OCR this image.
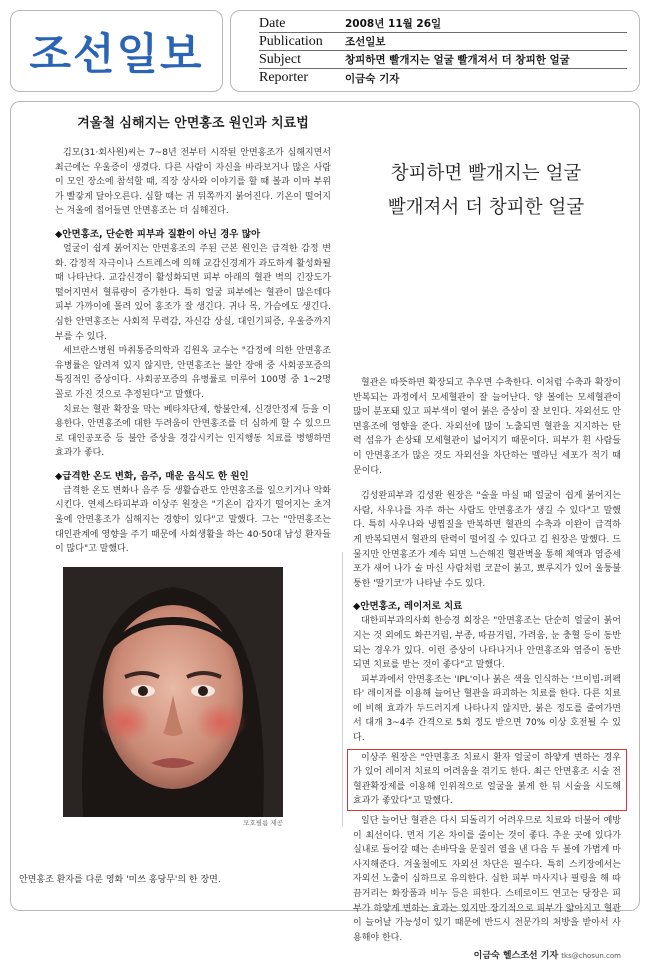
조선일보
Date	2008년 11월 26일
Publication	조선일보
Subject	창피하면 빨개지는 얼굴 빨개져서 더 창피한 얼굴
Reporter	이금숙 기자
창피하면 빨개지는 얼굴
빨개져서 더 창피한 얼굴
겨울철 심해지는 안면홍조 원인과 치료법

김모(31·회사원)씨는 7~8년 전부터 시작된 안면홍조가 심해지면서 최근에는 우울증이 생겼다. 다른 사람이 자신을 바라보거나 많은 사람이 모인 장소에 참석할 때, 직장 상사와 이야기를 할 때 볼과 이마 부위가 빨갛게 달아오른다. 심할 때는 귀 뒤쪽까지 붉어진다. 기온이 떨어지는 겨울에 접어들면 안면홍조는 더 심해진다.

◆안면홍조, 단순한 피부과 질환이 아닌 경우 많아

얼굴이 쉽게 붉어지는 안면홍조의 주된 근본 원인은 급격한 감정 변화. 감정적 자극이나 스트레스에 의해 교감신경계가 과도하게 활성화될 때 나타난다. 교감신경이 활성화되면 피부 아래의 혈관 벽의 긴장도가 떨어지면서 혈류량이 증가한다. 특히 얼굴 피부에는 혈관이 많은데다 피부 가까이에 몰려 있어 홍조가 잘 생긴다. 귀나 목, 가슴에도 생긴다. 심한 안면홍조는 사회적 무력감, 자신감 상실, 대인기피증, 우울증까지 부를 수 있다.

세브란스병원 마취통증의학과 김원옥 교수는 "감정에 의한 안면홍조 유병률은 알려져 있지 않지만, 안면홍조는 불안 장애 중 사회공포증의 특징적인 증상이다. 사회공포증의 유병률로 미루어 100명 중 1~2명꼴로 가진 것으로 추정된다"고 말했다.

치료는 혈관 확장을 막는 베타차단제, 항불안제, 신경안정제 등을 이용한다. 안면홍조에 대한 두려움이 안면홍조를 더 심하게 할 수 있으므로 대인공포증 등 불안 증상을 경감시키는 인지행동 치료를 병행하면 효과가 좋다.

◆급격한 온도 변화, 음주, 매운 음식도 한 원인

급격한 온도 변화나 음주 등 생활습관도 안면홍조를 일으키거나 악화시킨다. 연세스타피부과 이상주 원장은 "기온이 갑자기 떨어지는 초겨울에 안면홍조가 심해지는 경향이 있다"고 말했다. 그는 "안면홍조는 대인관계에 영향을 주기 때문에 사회생활을 하는 40·50대 남성 환자들이 많다"고 말했다.

모호필름 제공
안면홍조 환자를 다룬 영화 '미쓰 홍당무'의 한 장면.

혈관은 따뜻하면 확장되고 추우면 수축한다. 이처럼 수축과 확장이 반복되는 과정에서 모세혈관이 잘 늘어난다. 양 볼에는 모세혈관이 많이 분포돼 있고 피부색이 옅어 붉은 증상이 잘 보인다. 자외선도 안면홍조에 영향을 준다. 자외선에 많이 노출되면 혈관을 지지하는 탄력 섬유가 손상돼 모세혈관이 넓어지기 때문이다. 피부가 흰 사람들이 안면홍조가 많은 것도 자외선을 차단하는 멜라닌 세포가 적기 때문이다.

김성완피부과 김성완 원장은 "술을 마실 때 얼굴이 쉽게 붉어지는 사람, 사우나를 자주 하는 사람도 안면홍조가 생길 수 있다"고 말했다. 특히 사우나와 냉찜질을 반복하면 혈관의 수축과 이완이 급격하게 반복되면서 혈관의 탄력이 떨어질 수 있다고 김 원장은 말했다. 드물지만 안면홍조가 계속 되면 느슨해진 혈관벽을 통해 체액과 염증세포가 새어 나가 술 마신 사람처럼 코끝이 붉고, 뾰루지가 있어 울퉁불퉁한 '딸기코'가 나타날 수도 있다.

◆안면홍조, 레이저로 치료

대한피부과의사회 한승경 회장은 "안면홍조는 단순히 얼굴이 붉어지는 것 외에도 화끈거림, 부종, 따끔거림, 가려움, 눈 충혈 등이 동반되는 경우가 있다. 이런 증상이 나타나거나 안면홍조와 염증이 동반되면 치료를 받는 것이 좋다"고 말했다.

피부과에서 안면홍조는 'IPL'이나 붉은 색을 인식하는 '브이빔-퍼펙타' 레이저를 이용해 늘어난 혈관을 파괴하는 치료를 한다. 다른 치료에 비해 효과가 두드러지게 나타나지 않지만, 붉은 정도를 줄여가면서 대개 3~4주 간격으로 5회 정도 받으면 70% 이상 호전될 수 있다.

이상주 원장은 "안면홍조 치료시 환자 얼굴이 하얗게 변하는 경우가 있어 레이저 치료의 어려움을 겪기도 한다. 최근 안면홍조 시술 전 혈관확장제를 이용해 인위적으로 얼굴을 붉게 한 뒤 시술을 시도해 효과가 좋았다"고 말했다.

일단 늘어난 혈관은 다시 되돌리기 어려우므로 치료와 더불어 예방이 최선이다. 먼저 기온 차이를 줄이는 것이 좋다. 추운 곳에 있다가 실내로 들어갈 때는 손바닥을 문질러 열을 낸 다음 두 볼에 가볍게 마사지해준다. 겨울철에도 자외선 차단은 필수다. 특히 스키장에서는 자외선 노출이 심하므로 유의한다. 심한 피부 마사지나 필링을 해 따끔거리는 화장품과 비누 등은 피한다. 스테로이드 연고는 당장은 피부가 하얗게 변하는 효과는 있지만 장기적으로 피부가 얇아지고 혈관이 늘어날 가능성이 있기 때문에 반드시 전문가의 처방을 받아서 사용해야 한다.

이금숙 헬스조선 기자 tks@chosun.com
